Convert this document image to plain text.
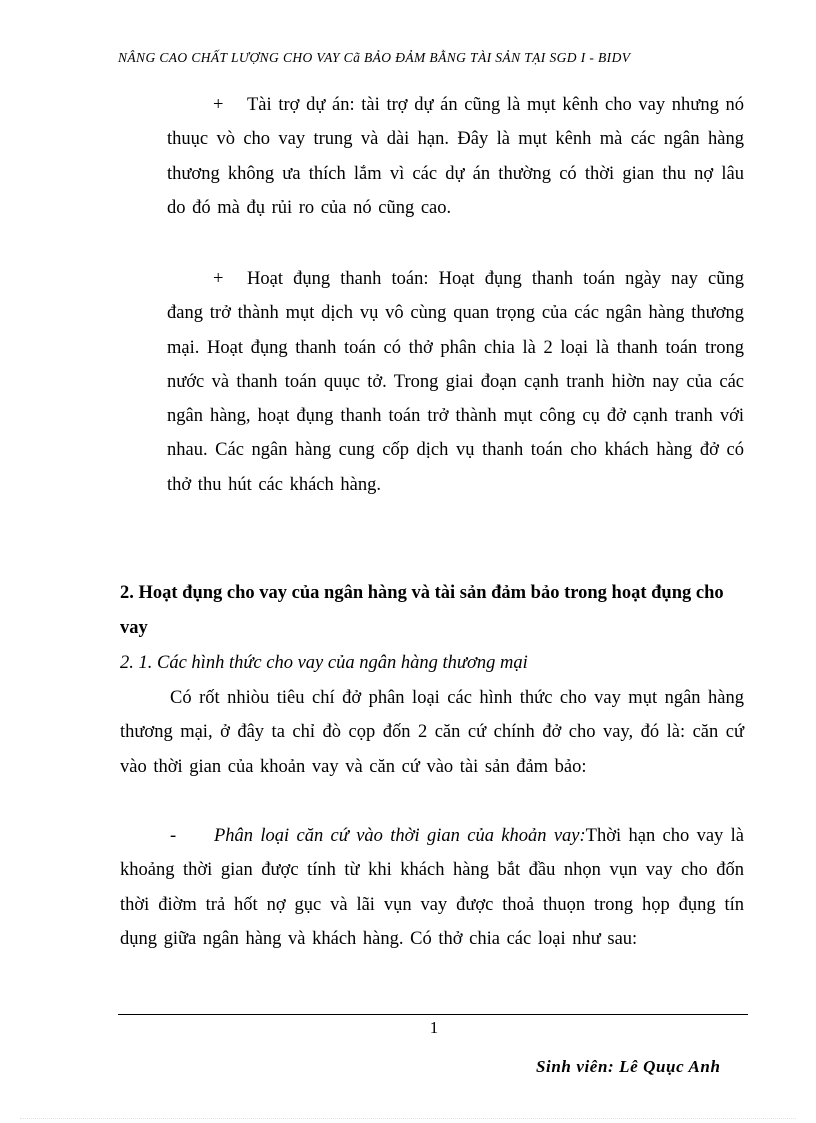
NÂNG CAO CHẤT LƯỢNG CHO VAY Cã BẢO ĐẢM BẰNG TÀI SẢN TẠI SGD I - BIDV
+ Tài trợ dự án: tài trợ dự án cũng là mụt kênh cho vay nhưng nó thuục vò cho vay trung và dài hạn. Đây là mụt kênh mà các ngân hàng thương không ưa thích lắm vì các dự án thường có thời gian thu nợ lâu do đó mà đụ rủi ro của nó cũng cao.
+ Hoạt đụng thanh toán: Hoạt đụng thanh toán ngày nay cũng đang trở thành mụt dịch vụ vô cùng quan trọng của các ngân hàng thương mại. Hoạt đụng thanh toán có thở phân chia là 2 loại là thanh toán trong nước và thanh toán quục tở. Trong giai đoạn cạnh tranh hiờn nay của các ngân hàng, hoạt đụng thanh toán trở thành mụt công cụ đở cạnh tranh với nhau. Các ngân hàng cung cốp dịch vụ thanh toán cho khách hàng đở có thở thu hút các khách hàng.
2. Hoạt đụng cho vay của ngân hàng và tài sản đảm bảo trong hoạt đụng cho vay
2. 1. Các hình thức cho vay của ngân hàng thương mại
Có rốt nhiòu tiêu chí đở phân loại các hình thức cho vay mụt ngân hàng thương mại, ở đây ta chỉ đò cọp đốn 2 căn cứ chính đở cho vay, đó là: căn cứ vào thời gian của khoản vay và căn cứ vào tài sản đảm bảo:
- Phân loại căn cứ vào thời gian của khoản vay:Thời hạn cho vay là khoảng thời gian được tính từ khi khách hàng bắt đầu nhọn vụn vay cho đốn thời điờm trả hốt nợ gục và lãi vụn vay được thoả thuọn trong họp đụng tín dụng giữa ngân hàng và khách hàng. Có thở chia các loại như sau:
1
Sinh viên: Lê Quục Anh
